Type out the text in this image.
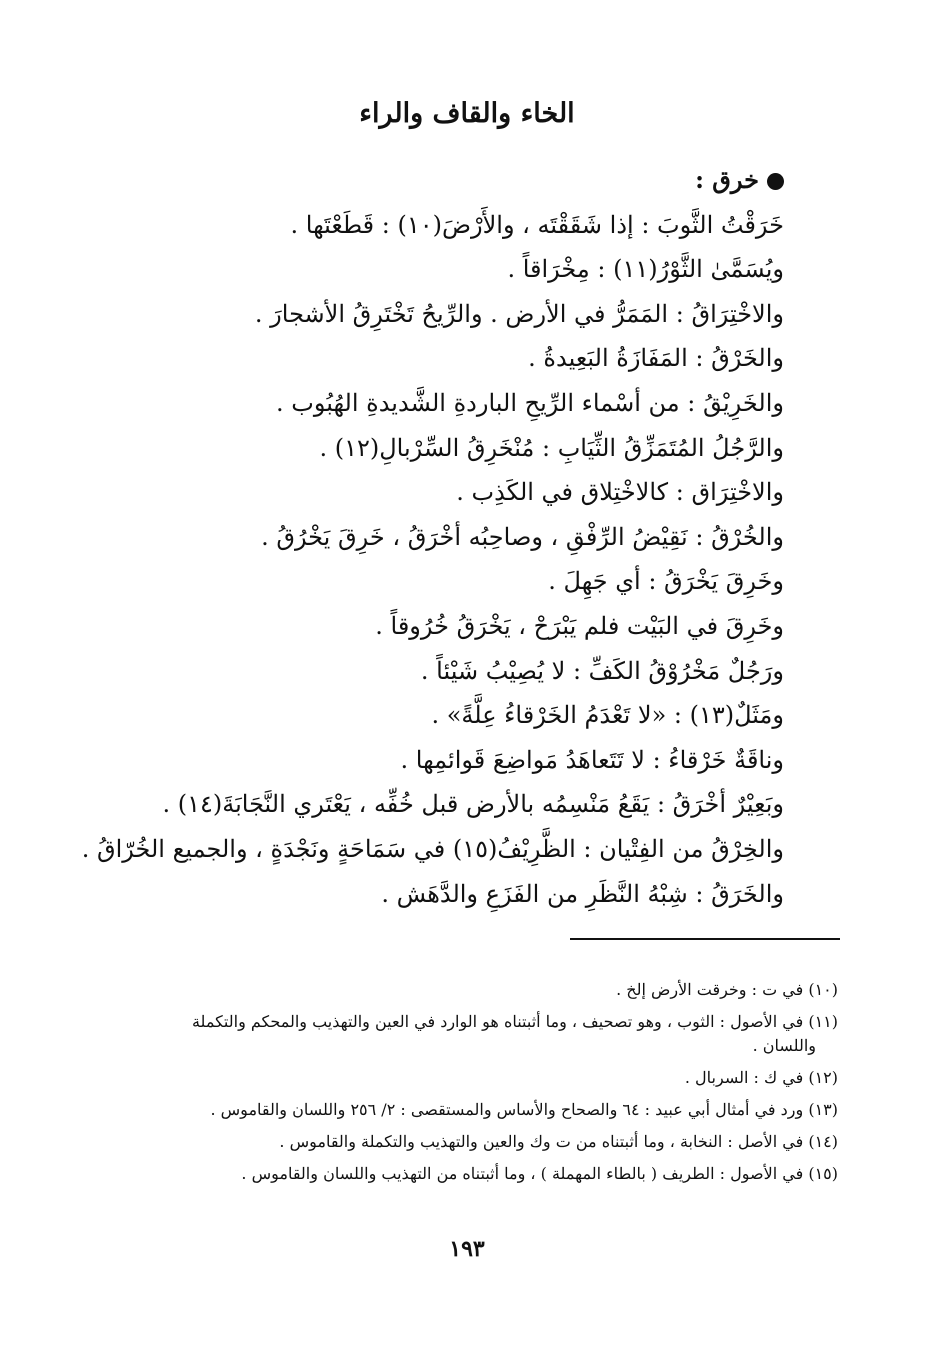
الخاء والقاف والراء
خرق :
خَرَقْتُ الثَّوبَ : إذا شَقَقْتَه ، والأَرْضَ(١٠) : قَطَعْتَها .
ويُسَمَّىٰ الثَّوْرُ(١١) : مِخْرَاقاً .
والاخْتِرَاقُ : المَمَرُّ في الأرض . والرِّيحُ تَخْتَرِقُ الأشجارَ .
والخَرْقُ : المَفَازَةُ البَعِيدةُ .
والخَرِيْقُ : من أسْماء الرِّيحِ الباردةِ الشَّديدةِ الهُبُوب .
والرَّجُلُ المُتَمَزِّقُ الثِّيَابِ : مُنْخَرِقُ السِّرْبالِ(١٢) .
والاخْتِرَاق : كالاخْتِلاق في الكَذِب .
والخُرْقُ : نَقِيْضُ الرِّفْقِ ، وصاحِبُه أخْرَقُ ، خَرِقَ يَخْرُقُ .
وخَرِقَ يَخْرَقُ : أي جَهِلَ .
وخَرِقَ في البَيْت فلم يَبْرَحْ ، يَخْرَقُ خُرُوقاً .
ورَجُلٌ مَخْرُوْقُ الكَفِّ : لا يُصِيْبُ شَيْئاً .
ومَثَلٌ(١٣) : «لا تَعْدَمُ الخَرْقاءُ عِلَّةً» .
وناقَةٌ خَرْقاءُ : لا تَتَعاهَدُ مَواضِعَ قَوائمِها .
وبَعِيْرٌ أخْرَقُ : يَقَعُ مَنْسِمُه بالأرض قبل خُفِّه ، يَعْتَري النَّجَابَةَ(١٤) .
والخِرْقُ من الفِتْيان : الظَّرِيْفُ(١٥) في سَمَاحَةٍ ونَجْدَةٍ ، والجميع الخُرّاقُ .
والخَرَقُ : شِبْهُ النَّظَرِ من الفَزَعِ والدَّهَش .
(١٠) في ت : وخرقت الأرض إلخ .
(١١) في الأصول : الثوب ، وهو تصحيف ، وما أثبتناه هو الوارد في العين والتهذيب والمحكم والتكملة
واللسان .
(١٢) في ك : السربال .
(١٣) ورد في أمثال أبي عبيد : ٦٤ والصحاح والأساس والمستقصى : ٢/ ٢٥٦ واللسان والقاموس .
(١٤) في الأصل : النخابة ، وما أثبتناه من ت وك والعين والتهذيب والتكملة والقاموس .
(١٥) في الأصول : الطريف ( بالطاء المهملة ) ، وما أثبتناه من التهذيب واللسان والقاموس .
١٩٣
